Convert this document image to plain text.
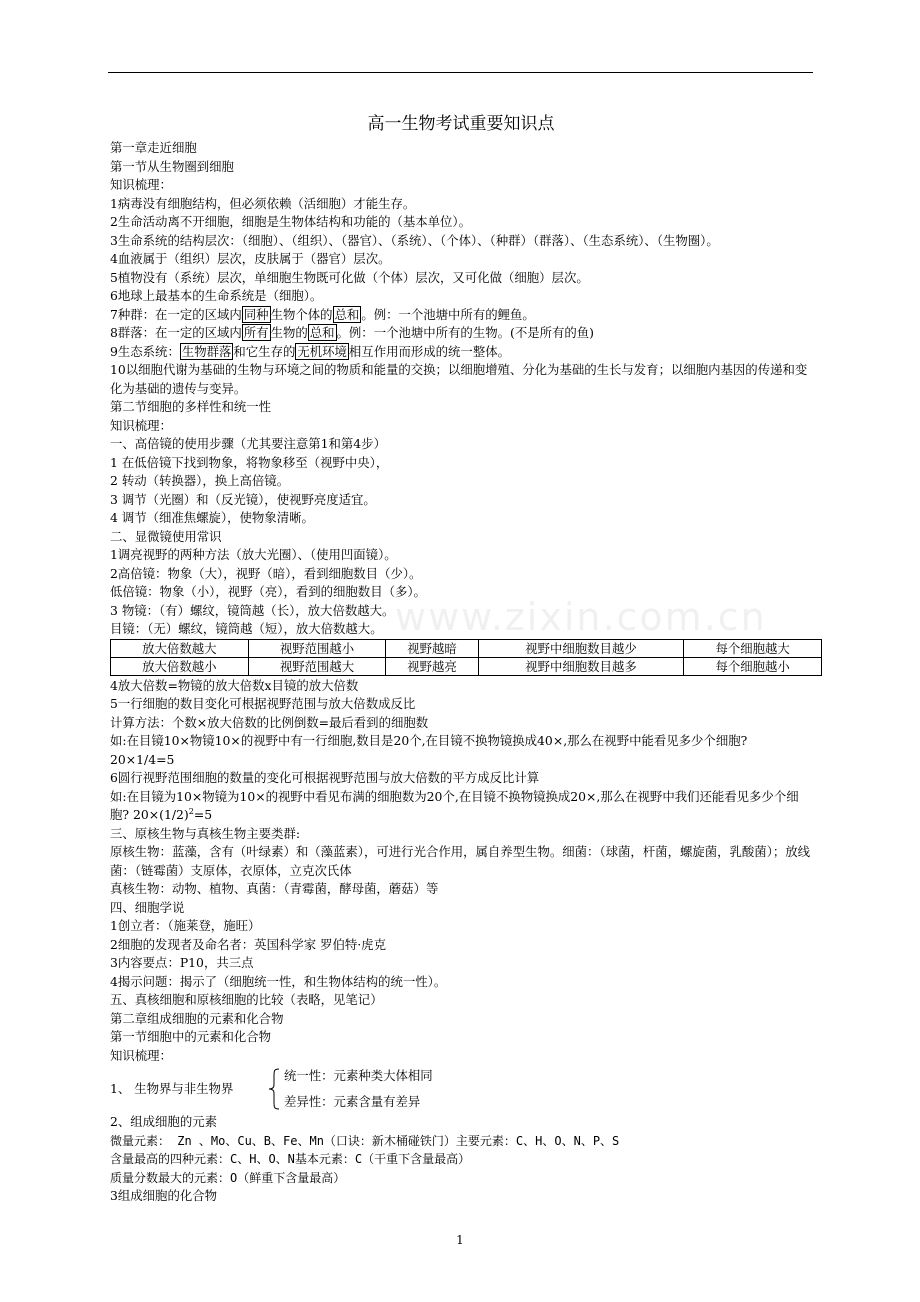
www.zixin.com.cn
高一生物考试重要知识点
第一章走近细胞
第一节从生物圈到细胞
知识梳理：
1病毒没有细胞结构，但必须依赖（活细胞）才能生存。
2生命活动离不开细胞，细胞是生物体结构和功能的（基本单位）。
3生命系统的结构层次：（细胞）、（组织）、（器官）、（系统）、（个体）、（种群）（群落）、（生态系统）、（生物圈）。
4血液属于（组织）层次，皮肤属于（器官）层次。
5植物没有（系统）层次，单细胞生物既可化做（个体）层次，又可化做（细胞）层次。
6地球上最基本的生命系统是（细胞）。
7种群：在一定的区域内 同种 生物个体的 总和 。例：一个池塘中所有的鲤鱼。
8群落：在一定的区域内 所有 生物的 总和 。例：一个池塘中所有的生物。(不是所有的鱼)
9生态系统： 生物群落 和它生存的 无机环境 相互作用而形成的统一整体。
10以细胞代谢为基础的生物与环境之间的物质和能量的交换；以细胞增殖、分化为基础的生长与发育；以细胞内基因的传递和变化为基础的遗传与变异。
第二节细胞的多样性和统一性
知识梳理：
一、高倍镜的使用步骤（尤其要注意第1和第4步）
1 在低倍镜下找到物象，将物象移至（视野中央），
2 转动（转换器），换上高倍镜。
3 调节（光圈）和（反光镜），使视野亮度适宜。
4 调节（细准焦螺旋），使物象清晰。
二、显微镜使用常识
1调亮视野的两种方法（放大光圈）、（使用凹面镜）。
2高倍镜：物象（大），视野（暗），看到细胞数目（少）。
低倍镜：物象（小），视野（亮），看到的细胞数目（多）。
3 物镜：（有）螺纹，镜筒越（长），放大倍数越大。
目镜：（无）螺纹，镜筒越（短），放大倍数越大。
放大倍数越大	视野范围越小	视野越暗	视野中细胞数目越少	每个细胞越大
放大倍数越小	视野范围越大	视野越亮	视野中细胞数目越多	每个细胞越小
4放大倍数=物镜的放大倍数х目镜的放大倍数
5一行细胞的数目变化可根据视野范围与放大倍数成反比
计算方法：个数×放大倍数的比例倒数=最后看到的细胞数
如:在目镜10×物镜10×的视野中有一行细胞,数目是20个,在目镜不换物镜换成40×,那么在视野中能看见多少个细胞? 20×1/4=5
6圆行视野范围细胞的数量的变化可根据视野范围与放大倍数的平方成反比计算
如:在目镜为10×物镜为10×的视野中看见布满的细胞数为20个,在目镜不换物镜换成20×,那么在视野中我们还能看见多少个细胞? $20\times(1/2)^2=5$
三、原核生物与真核生物主要类群:
原核生物：蓝藻，含有（叶绿素）和（藻蓝素），可进行光合作用，属自养型生物。细菌：（球菌，杆菌，螺旋菌，乳酸菌）；放线菌：（链霉菌）支原体，衣原体，立克次氏体
真核生物：动物、植物、真菌：（青霉菌，酵母菌，蘑菇）等
四、细胞学说
1创立者：（施莱登，施旺）
2细胞的发现者及命名者：英国科学家 罗伯特·虎克
3内容要点：P10，共三点
4揭示问题：揭示了（细胞统一性，和生物体结构的统一性）。
五、真核细胞和原核细胞的比较（表略，见笔记）
第二章组成细胞的元素和化合物
第一节细胞中的元素和化合物
知识梳理：
1、 生物界与非生物界
统一性：元素种类大体相同
差异性：元素含量有差异
2、组成细胞的元素
微量元素： Zn 、Mo、Cu、B、Fe、Mn（口诀：新木桶碰铁门）主要元素：C、H、O、N、P、S
含量最高的四种元素：C、H、O、N基本元素：C（干重下含量最高）
质量分数最大的元素：O（鲜重下含量最高）
3组成细胞的化合物
1
